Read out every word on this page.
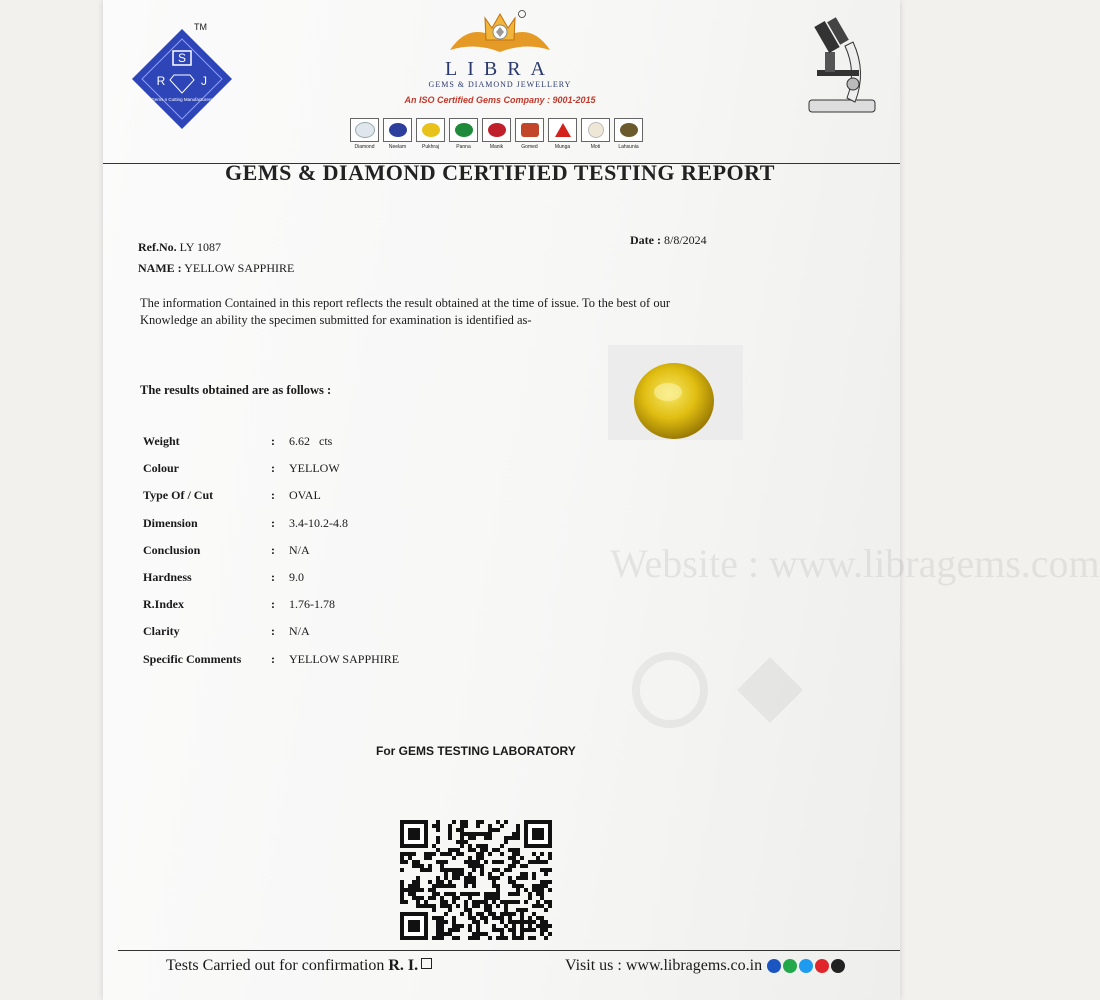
S
R	J
Gems n Cutting Manufacturers
TM
LIBRA
GEMS & DIAMOND JEWELLERY
An ISO Certified Gems Company : 9001-2015
Diamond	Neelam	Pukhraj	Panna	Manik	Gomed	Munga	Moti	Lahsunia
GEMS & DIAMOND CERTIFIED TESTING REPORT
Ref.No. LY 1087
NAME : YELLOW SAPPHIRE
Date : 8/8/2024
The information Contained in this report reflects the result obtained at the time of issue. To the best of our
Knowledge an ability the specimen submitted for examination is identified as-
The results obtained are as follows :
Weight	: 6.62   cts
Colour	: YELLOW
Type Of / Cut	: OVAL
Dimension	: 3.4-10.2-4.8
Conclusion	: N/A
Hardness	: 9.0
R.Index	: 1.76-1.78
Clarity	: N/A
Specific Comments : YELLOW SAPPHIRE
Website : www.libragems.com
For GEMS TESTING LABORATORY
Tests Carried out for confirmation R. I.	Visit us : www.libragems.co.in
